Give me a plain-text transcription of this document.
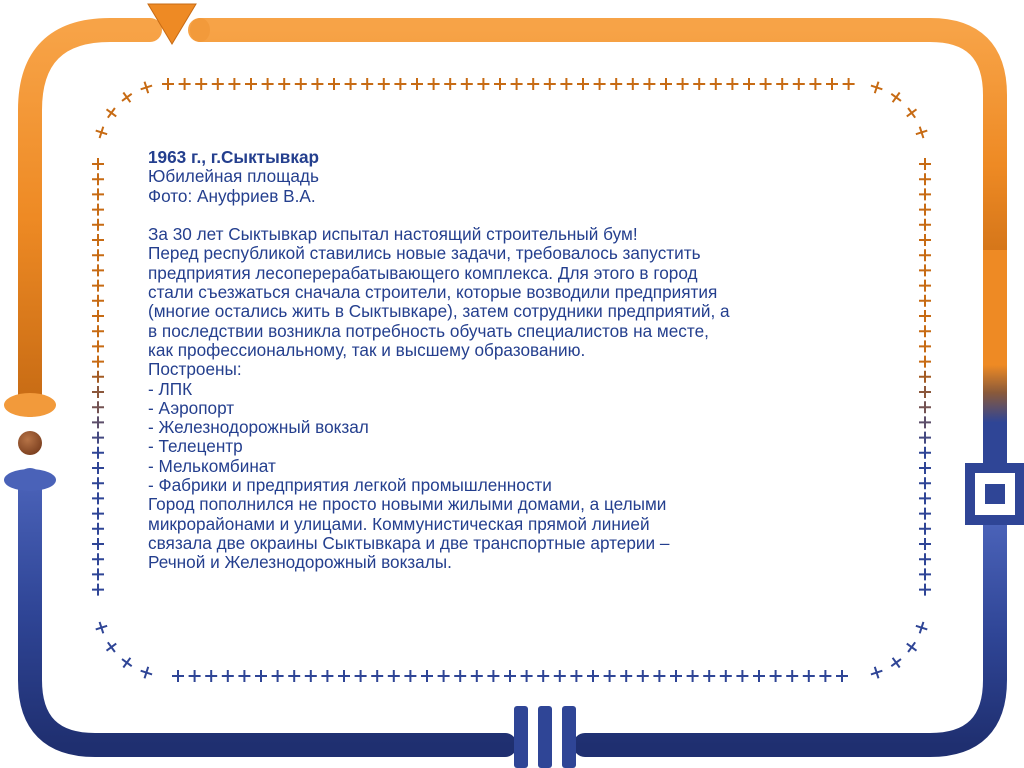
1963 г., г.Сыктывкар
Юбилейная площадь
Фото: Ануфриев В.А.
За 30 лет Сыктывкар испытал настоящий строительный бум!
Перед республикой ставились новые задачи, требовалось запустить
предприятия лесоперерабатывающего комплекса. Для этого в город
стали съезжаться сначала строители, которые возводили предприятия
(многие остались жить в Сыктывкаре), затем сотрудники предприятий, а
в последствии возникла потребность обучать специалистов на месте,
как профессиональному, так и высшему образованию.
Построены:
- ЛПК
- Аэропорт
- Железнодорожный вокзал
- Телецентр
- Мелькомбинат
- Фабрики и предприятия легкой промышленности
Город пополнился не просто новыми жилыми домами, а целыми
микрорайонами и улицами. Коммунистическая прямой линией
связала две окраины Сыктывкара и две транспортные артерии –
Речной и Железнодорожный вокзалы.
